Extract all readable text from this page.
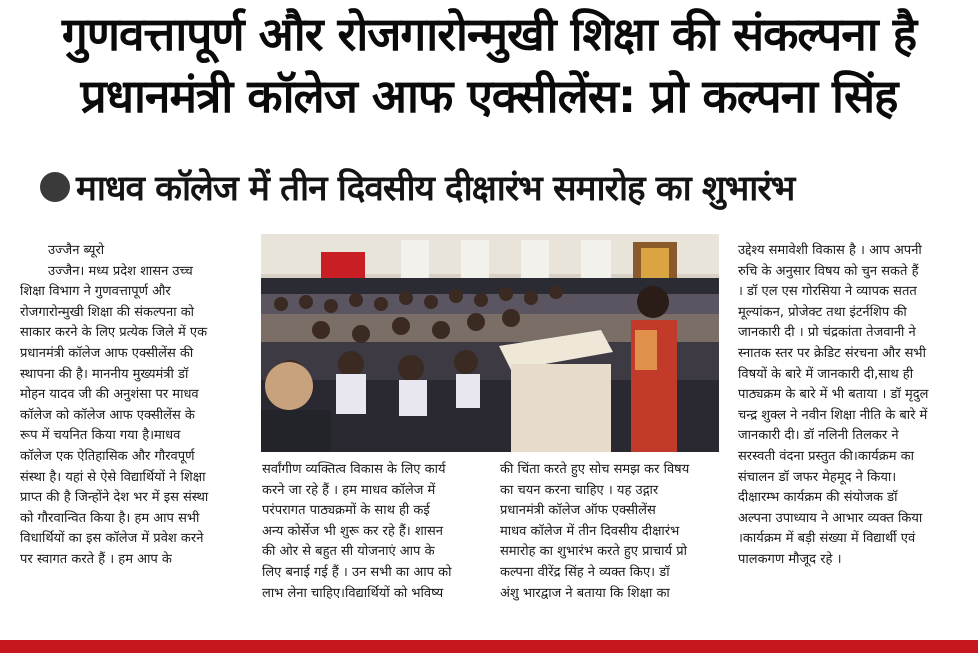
गुणवत्तापूर्ण और रोजगारोन्मुखी शिक्षा की संकल्पना है
प्रधानमंत्री कॉलेज आफ एक्सीलेंस: प्रो कल्पना सिंह
माधव कॉलेज में तीन दिवसीय दीक्षारंभ समारोह का शुभारंभ
उज्जैन ब्यूरो
उज्जैन। मध्य प्रदेश शासन उच्च
शिक्षा विभाग ने गुणवत्तापूर्ण और
रोजगारोन्मुखी शिक्षा की संकल्पना को
साकार करने के लिए प्रत्येक जिले में एक
प्रधानमंत्री कॉलेज आफ एक्सीलेंस की
स्थापना की है। माननीय मुख्यमंत्री डॉ
मोहन यादव जी की अनुशंसा पर माधव
कॉलेज को कॉलेज आफ एक्सीलेंस के
रूप में चयनित किया गया है।माधव
कॉलेज एक ऐतिहासिक और गौरवपूर्ण
संस्था है। यहां से ऐसे विद्यार्थियों ने शिक्षा
प्राप्त की है जिन्होंने देश भर में इस संस्था
को गौरवान्वित किया है। हम आप सभी
विधार्थियों का इस कॉलेज में प्रवेश करने
पर स्वागत करते हैं । हम आप के
सर्वांगीण व्यक्तित्व विकास के लिए कार्य
करने जा रहे हैं । हम माधव कॉलेज में
परंपरागत पाठ्यक्रमों के साथ ही कई
अन्य कोर्सेज भी शुरू कर रहे हैं। शासन
की ओर से बहुत सी योजनाएं आप के
लिए बनाई गई हैं । उन सभी का आप को
लाभ लेना चाहिए।विद्यार्थियों को भविष्य
की चिंता करते हुए सोच समझ कर विषय
का चयन करना चाहिए । यह उद्गार
प्रधानमंत्री कॉलेज ऑफ एक्सीलेंस
माधव कॉलेज में तीन दिवसीय दीक्षारंभ
समारोह का शुभारंभ करते हुए प्राचार्य प्रो
कल्पना वीरेंद्र सिंह ने व्यक्त किए। डॉ
अंशु भारद्वाज ने बताया कि शिक्षा का
उद्देश्य समावेशी विकास है । आप अपनी
रुचि के अनुसार विषय को चुन सकते हैं
। डॉ एल एस गोरसिया ने व्यापक सतत
मूल्यांकन, प्रोजेक्ट तथा इंटर्नशिप की
जानकारी दी । प्रो चंद्रकांता तेजवानी ने
स्नातक स्तर पर क्रेडिट संरचना और सभी
विषयों के बारे में जानकारी दी,साथ ही
पाठ्यक्रम के बारे में भी बताया । डॉ मृदुल
चन्द्र शुक्ल ने नवीन शिक्षा नीति के बारे में
जानकारी दी। डॉ नलिनी तिलकर ने
सरस्वती वंदना प्रस्तुत की।कार्यक्रम का
संचालन डॉ जफर मेहमूद ने किया।
दीक्षारम्भ कार्यक्रम की संयोजक डॉ
अल्पना उपाध्याय ने आभार व्यक्त किया
।कार्यक्रम में बड़ी संख्या में विद्यार्थी एवं
पालकगण मौजूद रहे ।
